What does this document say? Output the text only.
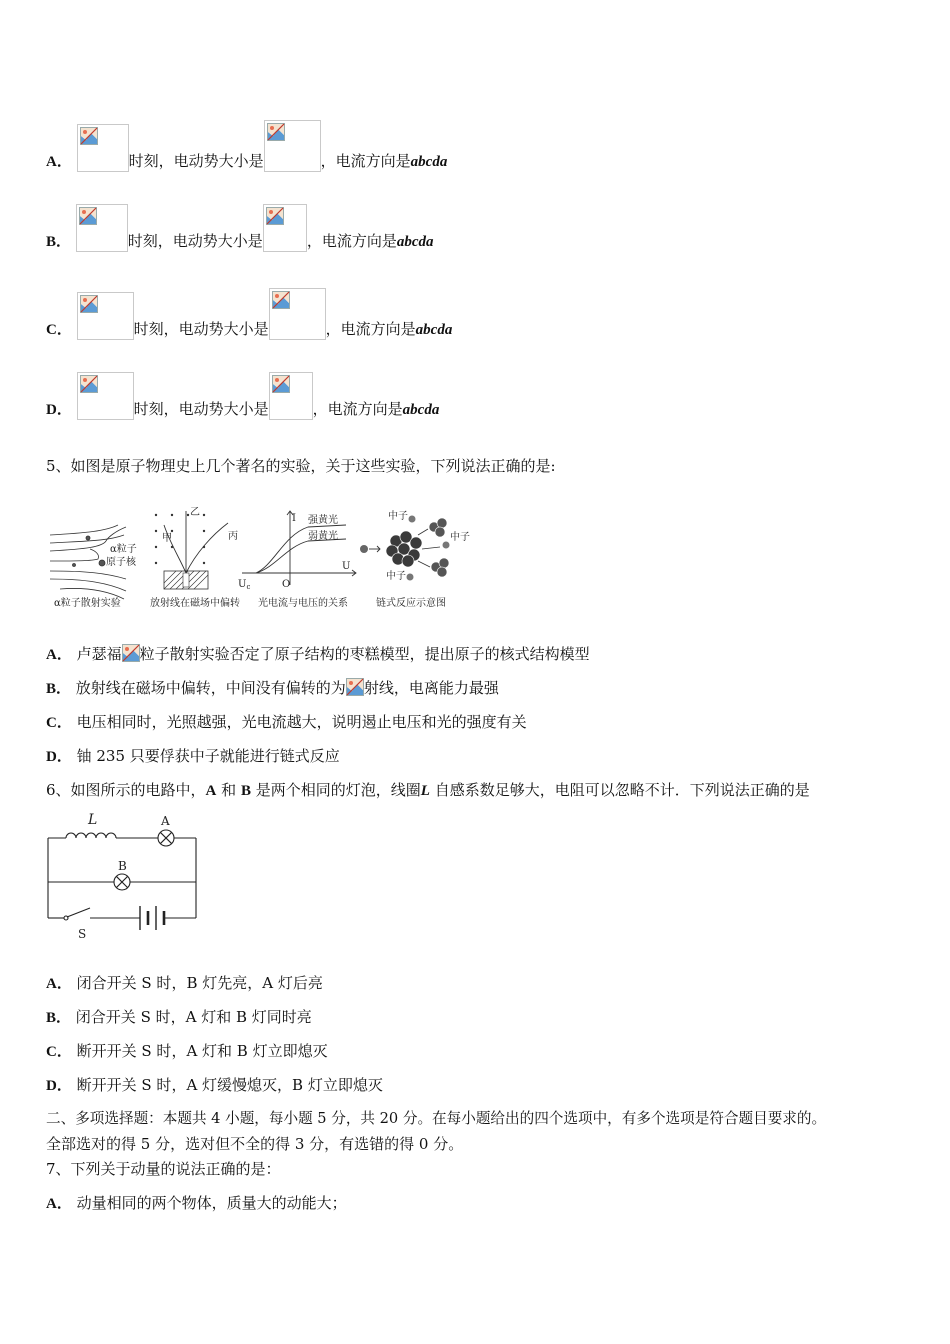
A．	时刻，电动势大小是	，电流方向是abcda
B．	时刻，电动势大小是	，电流方向是abcda
C．	时刻，电动势大小是	，电流方向是abcda
D．	时刻，电动势大小是	，电流方向是abcda
5、如图是原子物理史上几个著名的实验，关于这些实验，下列说法正确的是:
α粒子
原子核
α粒子散射实验
甲
乙
丙
放射线在磁场中偏转
I
U
$U_c$	O
强黄光
弱黄光
光电流与电压的关系
中子
中子
中子
链式反应示意图
A． 卢瑟福 粒子散射实验否定了原子结构的枣糕模型，提出原子的核式结构模型
B． 放射线在磁场中偏转，中间没有偏转的为 射线，电离能力最强
C． 电压相同时，光照越强，光电流越大，说明遏止电压和光的强度有关
D． 铀 235 只要俘获中子就能进行链式反应
6、如图所示的电路中，A 和 B 是两个相同的灯泡，线圈L 自感系数足够大，电阻可以忽略不计．下列说法正确的是
L	A
B
S
A． 闭合开关 S 时，B 灯先亮，A 灯后亮
B． 闭合开关 S 时，A 灯和 B 灯同时亮
C． 断开开关 S 时，A 灯和 B 灯立即熄灭
D． 断开开关 S 时，A 灯缓慢熄灭，B 灯立即熄灭
二、多项选择题：本题共 4 小题，每小题 5 分，共 20 分。在每小题给出的四个选项中，有多个选项是符合题目要求的。
全部选对的得 5 分，选对但不全的得 3 分，有选错的得 0 分。
7、下列关于动量的说法正确的是：
A． 动量相同的两个物体，质量大的动能大；
